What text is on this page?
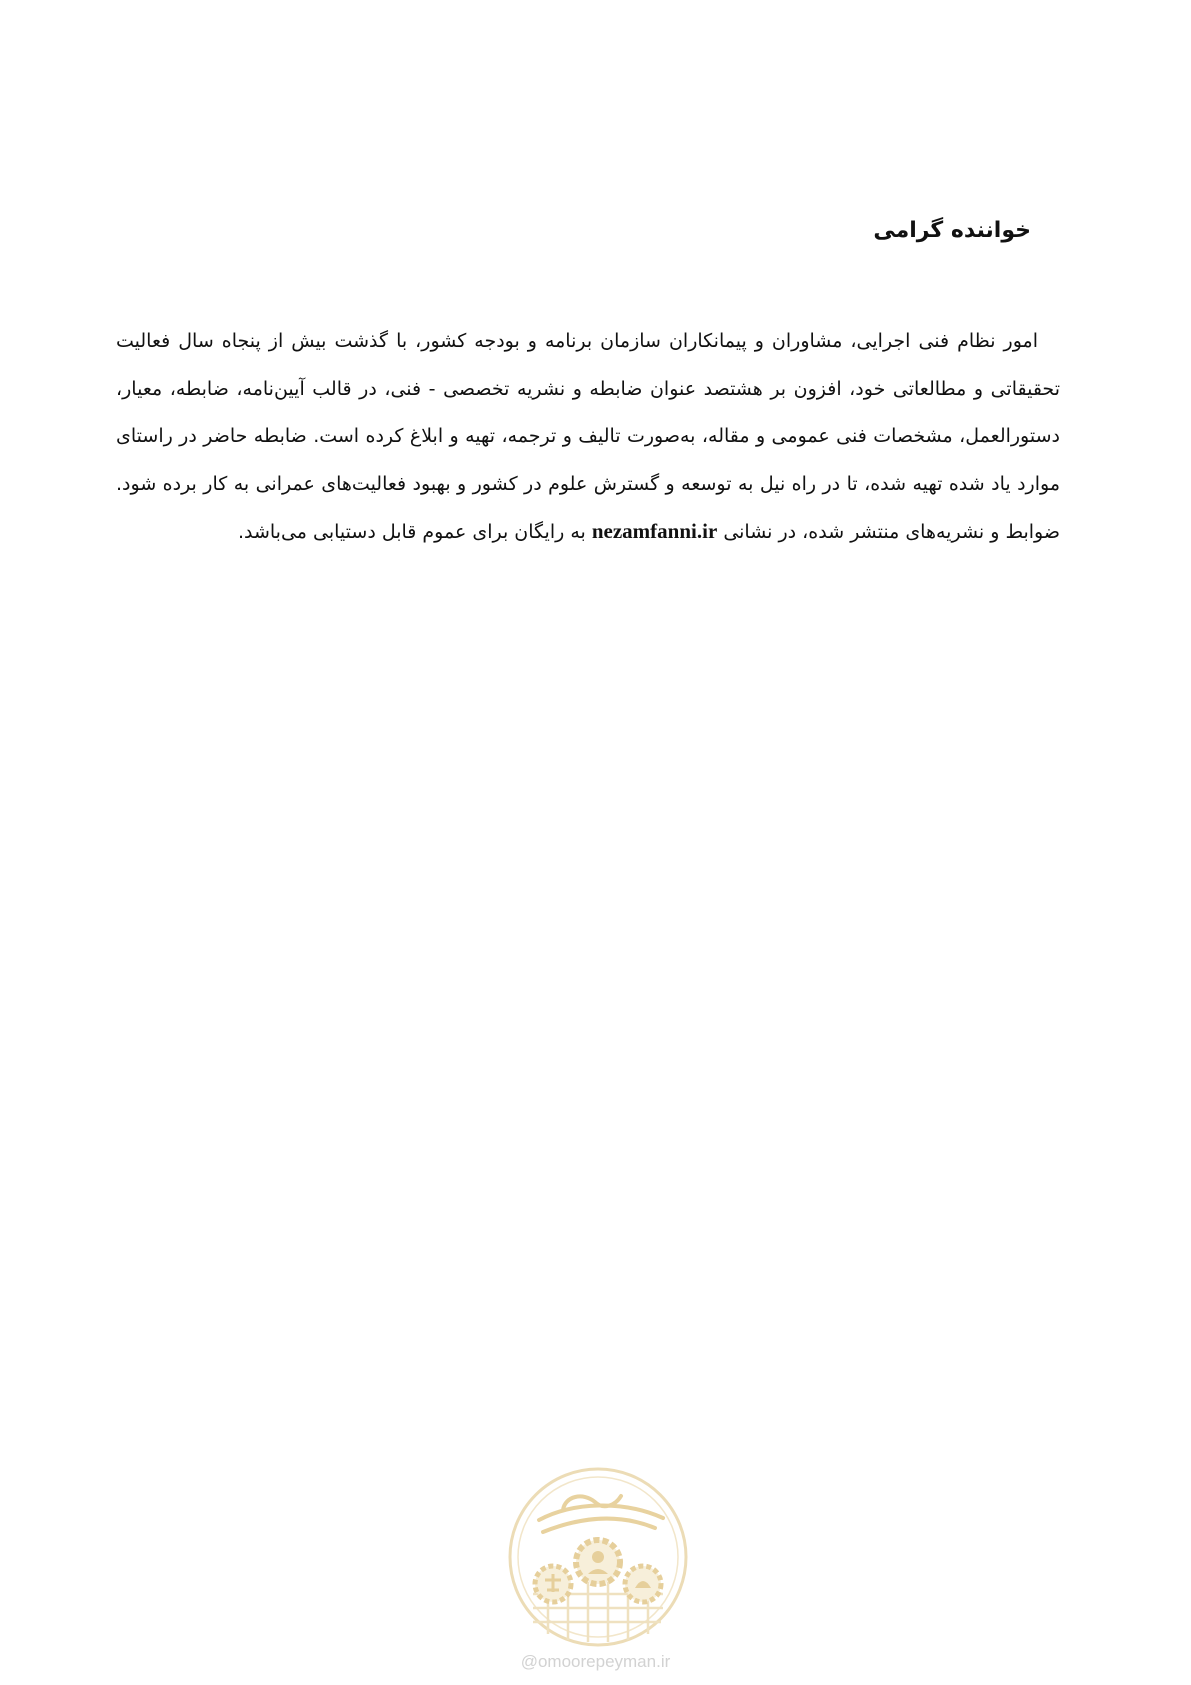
خواننده گرامی

امور نظام فنی اجرایی، مشاوران و پیمانکاران سازمان برنامه و بودجه کشور، با گذشت بیش از پنجاه سال فعالیت تحقیقاتی و مطالعاتی خود، افزون بر هشتصد عنوان ضابطه و نشریه تخصصی - فنی، در قالب آیین‌نامه، ضابطه، معیار، دستورالعمل، مشخصات فنی عمومی و مقاله، به‌صورت تالیف و ترجمه، تهیه و ابلاغ کرده است. ضابطه حاضر در راستای موارد یاد شده تهیه شده، تا در راه نیل به توسعه و گسترش علوم در کشور و بهبود فعالیت‌های عمرانی به کار برده شود. ضوابط و نشریه‌های منتشر شده، در نشانی nezamfanni.ir به رایگان برای عموم قابل دستیابی می‌باشد.

@omoorepeyman.ir
